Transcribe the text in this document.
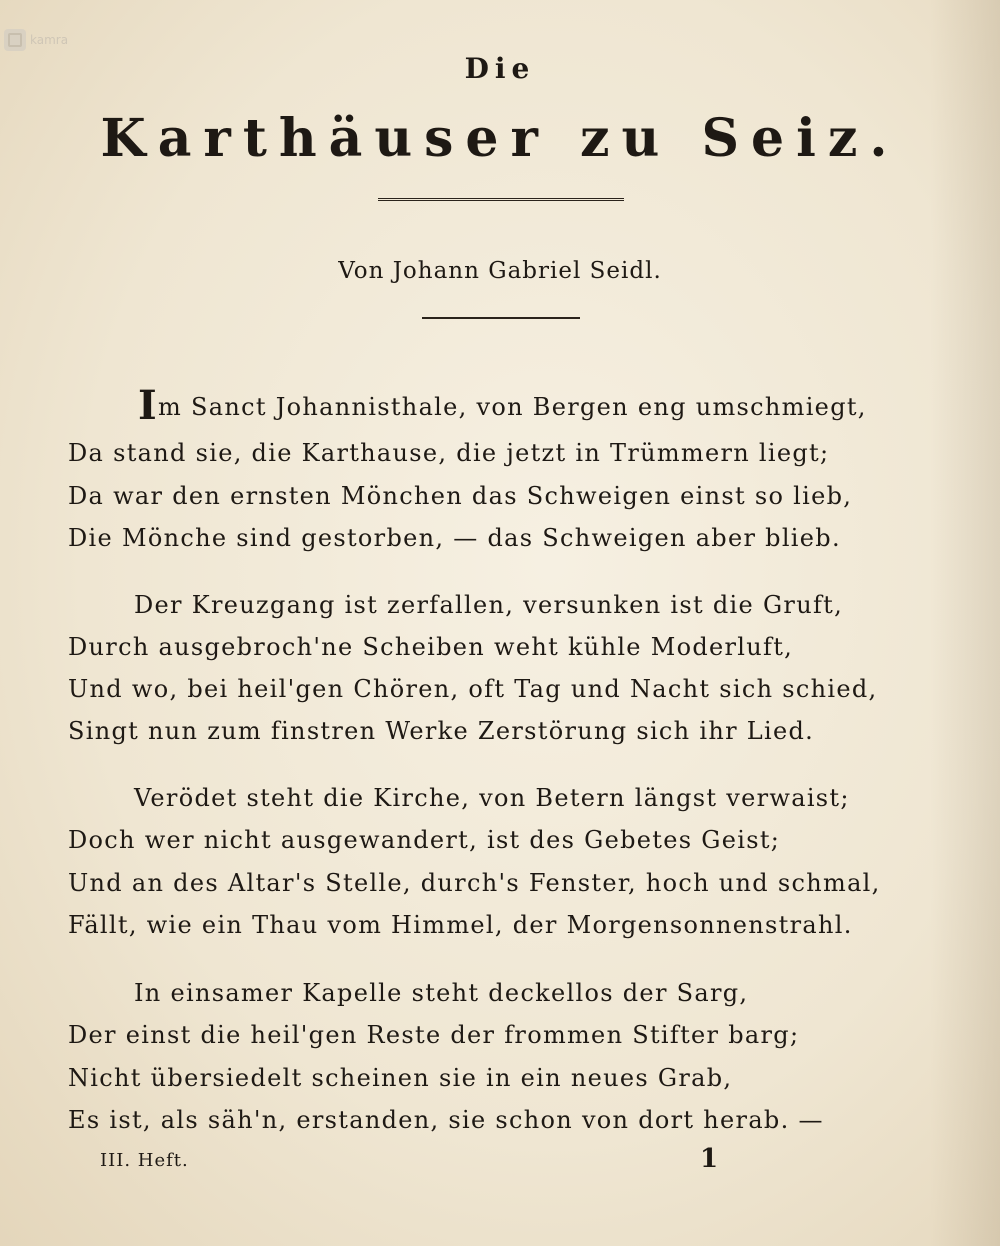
kamra
Die
Karthäuser zu Seiz.
Von Johann Gabriel Seidl.
Im Sanct Johannisthale, von Bergen eng umschmiegt,
Da stand sie, die Karthause, die jetzt in Trümmern liegt;
Da war den ernsten Mönchen das Schweigen einst so lieb,
Die Mönche sind gestorben, — das Schweigen aber blieb.
Der Kreuzgang ist zerfallen, versunken ist die Gruft,
Durch ausgebroch'ne Scheiben weht kühle Moderluft,
Und wo, bei heil'gen Chören, oft Tag und Nacht sich schied,
Singt nun zum finstren Werke Zerstörung sich ihr Lied.
Verödet steht die Kirche, von Betern längst verwaist;
Doch wer nicht ausgewandert, ist des Gebetes Geist;
Und an des Altar's Stelle, durch's Fenster, hoch und schmal,
Fällt, wie ein Thau vom Himmel, der Morgensonnenstrahl.
In einsamer Kapelle steht deckellos der Sarg,
Der einst die heil'gen Reste der frommen Stifter barg;
Nicht übersiedelt scheinen sie in ein neues Grab,
Es ist, als säh'n, erstanden, sie schon von dort herab. —
III. Heft.	1
